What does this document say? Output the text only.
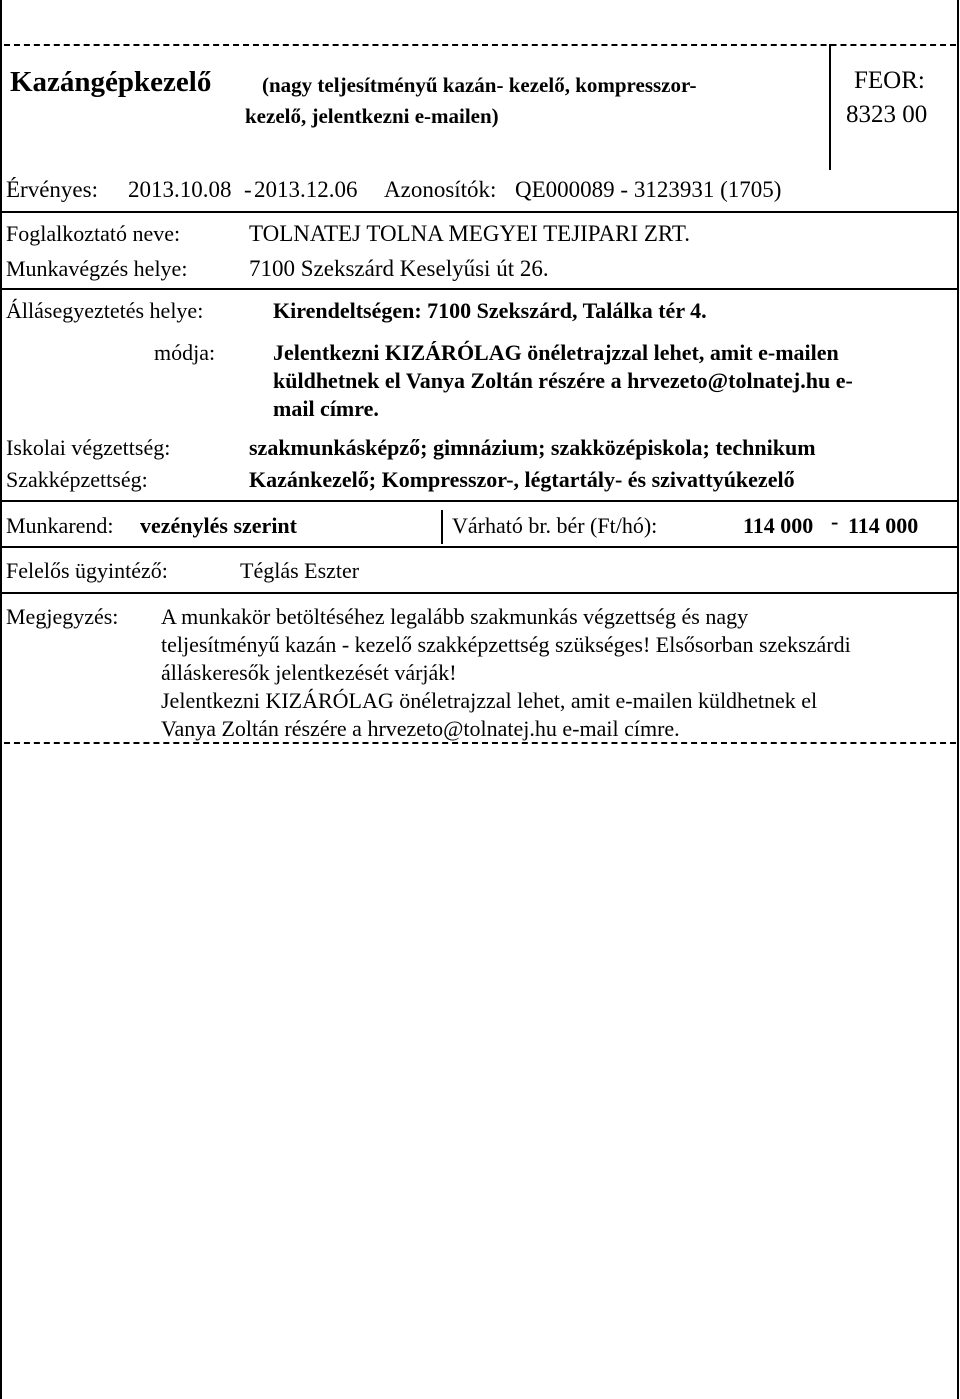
Kazángépkezelő (nagy teljesítményű kazán- kezelő, kompresszor-
kezelő, jelentkezni e-mailen)
FEOR:
8323 00
Érvényes: 2013.10.08 - 2013.12.06 Azonosítók: QE000089 - 3123931 (1705)
Foglalkoztató neve:	TOLNATEJ TOLNA MEGYEI TEJIPARI ZRT.
Munkavégzés helye:	7100 Szekszárd Keselyűsi út 26.
Állásegyeztetés helye:	Kirendeltségen: 7100 Szekszárd, Találka tér 4.
módja:	Jelentkezni KIZÁRÓLAG önéletrajzzal lehet, amit e-mailen
küldhetnek el Vanya Zoltán részére a hrvezeto@tolnatej.hu e-
mail címre.
Iskolai végzettség:	szakmunkásképző; gimnázium; szakközépiskola; technikum
Szakképzettség:	Kazánkezelő; Kompresszor-, légtartály- és szivattyúkezelő
Munkarend: vezénylés szerint	Várható br. bér (Ft/hó):	114 000 - 114 000
Felelős ügyintéző:	Téglás Eszter
Megjegyzés: A munkakör betöltéséhez legalább szakmunkás végzettség és nagy
teljesítményű kazán - kezelő szakképzettség szükséges! Elsősorban szekszárdi
álláskeresők jelentkezését várják!
Jelentkezni KIZÁRÓLAG önéletrajzzal lehet, amit e-mailen küldhetnek el
Vanya Zoltán részére a hrvezeto@tolnatej.hu e-mail címre.
